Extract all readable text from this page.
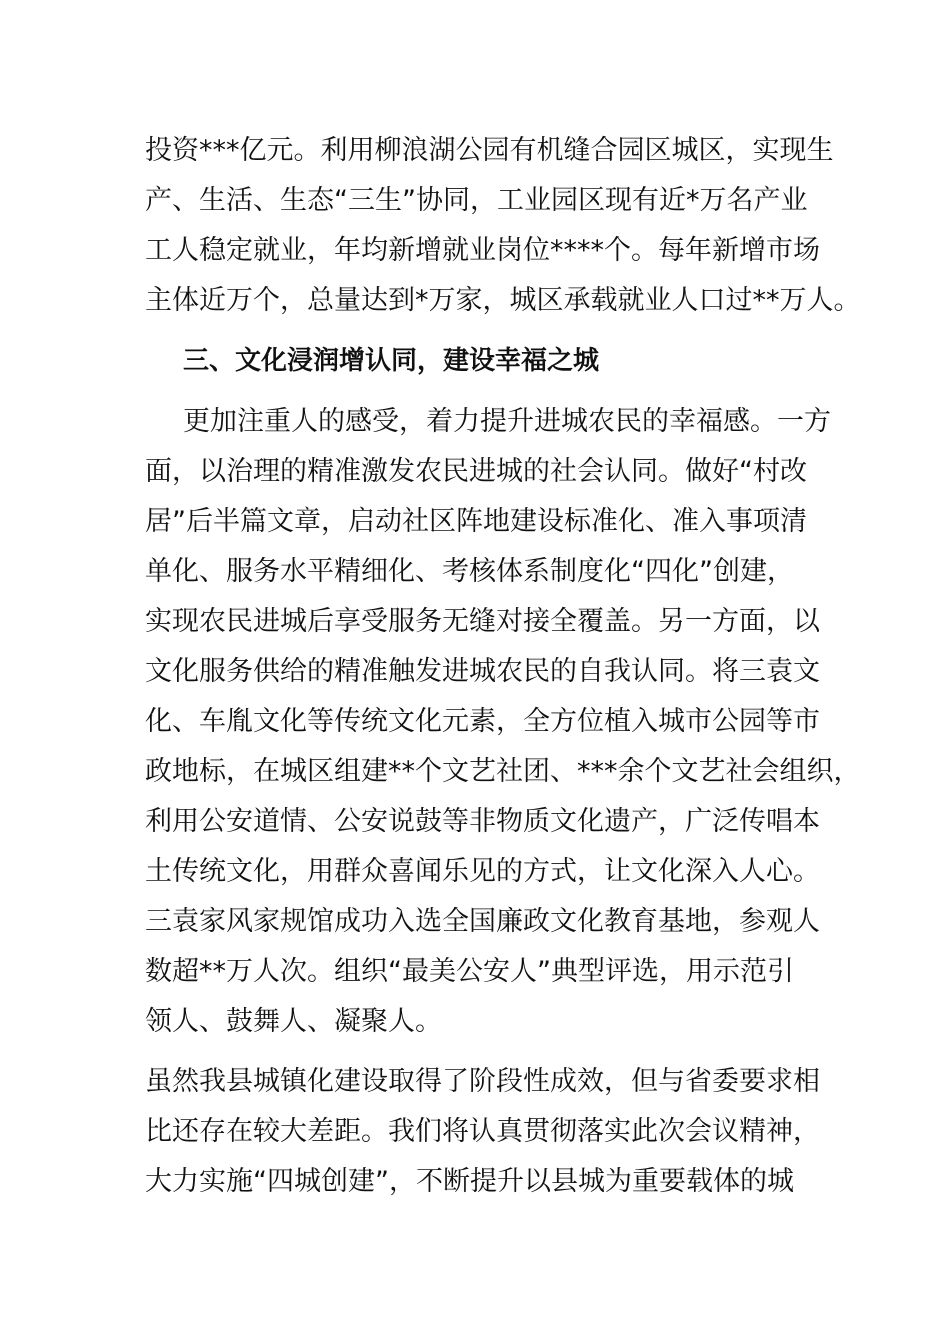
投资***亿元。利用柳浪湖公园有机缝合园区城区，实现生
产、生活、生态“三生”协同，工业园区现有近*万名产业
工人稳定就业，年均新增就业岗位****个。每年新增市场
主体近万个，总量达到*万家，城区承载就业人口过**万人。
三、文化浸润增认同，建设幸福之城
更加注重人的感受，着力提升进城农民的幸福感。一方
面，以治理的精准激发农民进城的社会认同。做好“村改
居”后半篇文章，启动社区阵地建设标准化、准入事项清
单化、服务水平精细化、考核体系制度化“四化”创建，
实现农民进城后享受服务无缝对接全覆盖。另一方面，以
文化服务供给的精准触发进城农民的自我认同。将三袁文
化、车胤文化等传统文化元素，全方位植入城市公园等市
政地标，在城区组建**个文艺社团、***余个文艺社会组织，
利用公安道情、公安说鼓等非物质文化遗产，广泛传唱本
土传统文化，用群众喜闻乐见的方式，让文化深入人心。
三袁家风家规馆成功入选全国廉政文化教育基地，参观人
数超**万人次。组织“最美公安人”典型评选，用示范引
领人、鼓舞人、凝聚人。
虽然我县城镇化建设取得了阶段性成效，但与省委要求相
比还存在较大差距。我们将认真贯彻落实此次会议精神，
大力实施“四城创建”，不断提升以县城为重要载体的城
